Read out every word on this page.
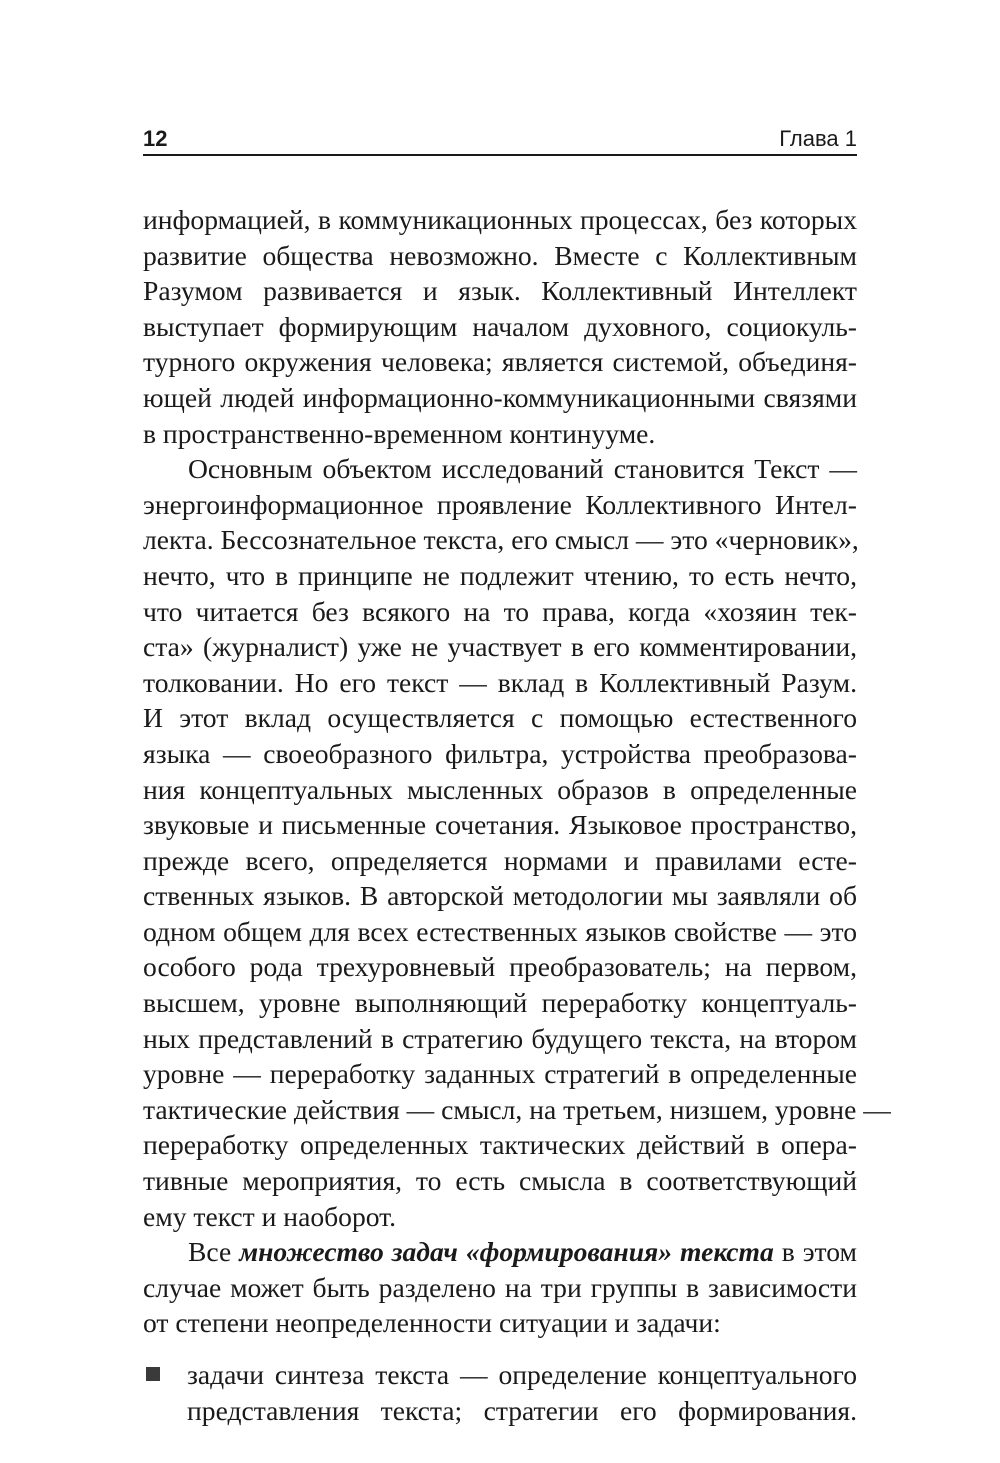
12	Глава 1
информацией, в коммуникационных процессах, без которых
развитие общества невозможно. Вместе с Коллективным
Разумом развивается и язык. Коллективный Интеллект
выступает формирующим началом духовного, социокуль-
турного окружения человека; является системой, объединя-
ющей людей информационно-коммуникационными связями
в пространственно-временном континууме.
Основным объектом исследований становится Текст —
энергоинформационное проявление Коллективного Интел-
лекта. Бессознательное текста, его смысл — это «черновик»,
нечто, что в принципе не подлежит чтению, то есть нечто,
что читается без всякого на то права, когда «хозяин тек-
ста» (журналист) уже не участвует в его комментировании,
толковании. Но его текст — вклад в Коллективный Разум.
И этот вклад осуществляется с помощью естественного
языка — своеобразного фильтра, устройства преобразова-
ния концептуальных мысленных образов в определенные
звуковые и письменные сочетания. Языковое пространство,
прежде всего, определяется нормами и правилами есте-
ственных языков. В авторской методологии мы заявляли об
одном общем для всех естественных языков свойстве — это
особого рода трехуровневый преобразователь; на первом,
высшем, уровне выполняющий переработку концептуаль-
ных представлений в стратегию будущего текста, на втором
уровне — переработку заданных стратегий в определенные
тактические действия — смысл, на третьем, низшем, уровне —
переработку определенных тактических действий в опера-
тивные мероприятия, то есть смысла в соответствующий
ему текст и наоборот.
Все множество задач «формирования» текста в этом
случае может быть разделено на три группы в зависимости
от степени неопределенности ситуации и задачи:
задачи синтеза текста — определение концептуального
представления текста; стратегии его формирования.
